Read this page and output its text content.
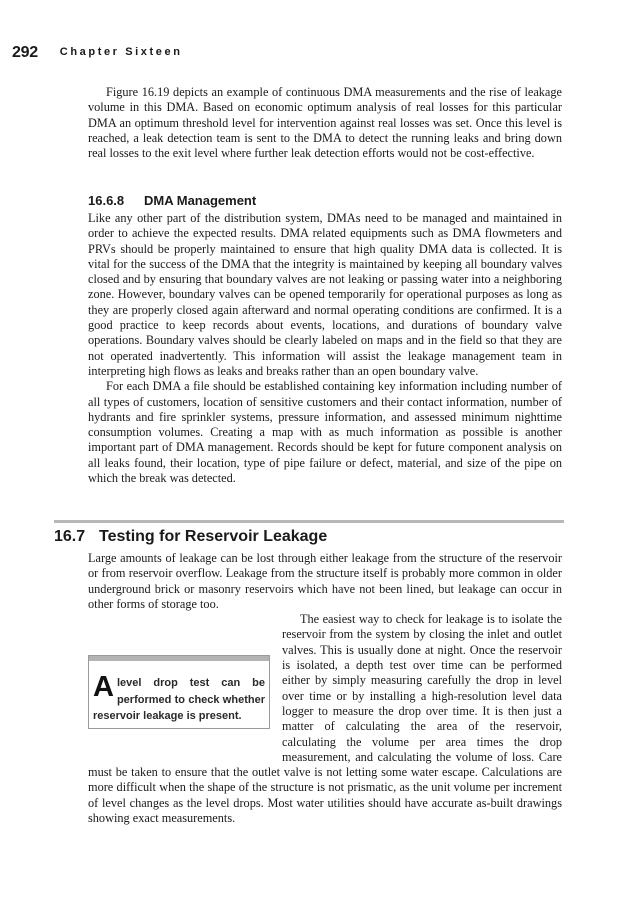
292 Chapter Sixteen

Figure 16.19 depicts an example of continuous DMA measurements and the rise of leakage volume in this DMA. Based on economic optimum analysis of real losses for this particular DMA an optimum threshold level for intervention against real losses was set. Once this level is reached, a leak detection team is sent to the DMA to detect the running leaks and bring down real losses to the exit level where further leak detection efforts would not be cost-effective.

16.6.8 DMA Management

Like any other part of the distribution system, DMAs need to be managed and maintained in order to achieve the expected results. DMA related equipments such as DMA flowmeters and PRVs should be properly maintained to ensure that high quality DMA data is collected. It is vital for the success of the DMA that the integrity is maintained by keeping all boundary valves closed and by ensuring that boundary valves are not leaking or passing water into a neighboring zone. However, boundary valves can be opened temporarily for operational purposes as long as they are properly closed again afterward and normal operating conditions are confirmed. It is a good practice to keep records about events, locations, and durations of boundary valve operations. Boundary valves should be clearly labeled on maps and in the field so that they are not operated inadvertently. This information will assist the leakage management team in interpreting high flows as leaks and breaks rather than an open boundary valve.

For each DMA a file should be established containing key information including number of all types of customers, location of sensitive customers and their contact information, number of hydrants and fire sprinkler systems, pressure information, and assessed minimum nighttime consumption volumes. Creating a map with as much information as possible is another important part of DMA management. Records should be kept for future component analysis on all leaks found, their location, type of pipe failure or defect, material, and size of the pipe on which the break was detected.

16.7 Testing for Reservoir Leakage

Large amounts of leakage can be lost through either leakage from the structure of the reservoir or from reservoir overflow. Leakage from the structure itself is probably more common in older underground brick or masonry reservoirs which have not been lined, but leakage can occur in other forms of storage too.

The easiest way to check for leakage is to isolate the reservoir from the system by closing the inlet and outlet valves. This is usually done at night. Once the reservoir is isolated, a depth test over time can be performed either by simply measuring carefully the drop in level over time or by installing a high-resolution level data logger to measure the drop over time. It is then just a matter of calculating the area of the reservoir, calculating the volume per area times the drop measurement, and calculating the volume of loss. Care must be taken to ensure that the outlet valve is not letting some water escape. Calculations are more difficult when the shape of the structure is not prismatic, as the unit volume per increment of level changes as the level drops. Most water utilities should have accurate as-built drawings showing exact measurements.

Alevel drop test can be performed to check whether reservoir leakage is present.
